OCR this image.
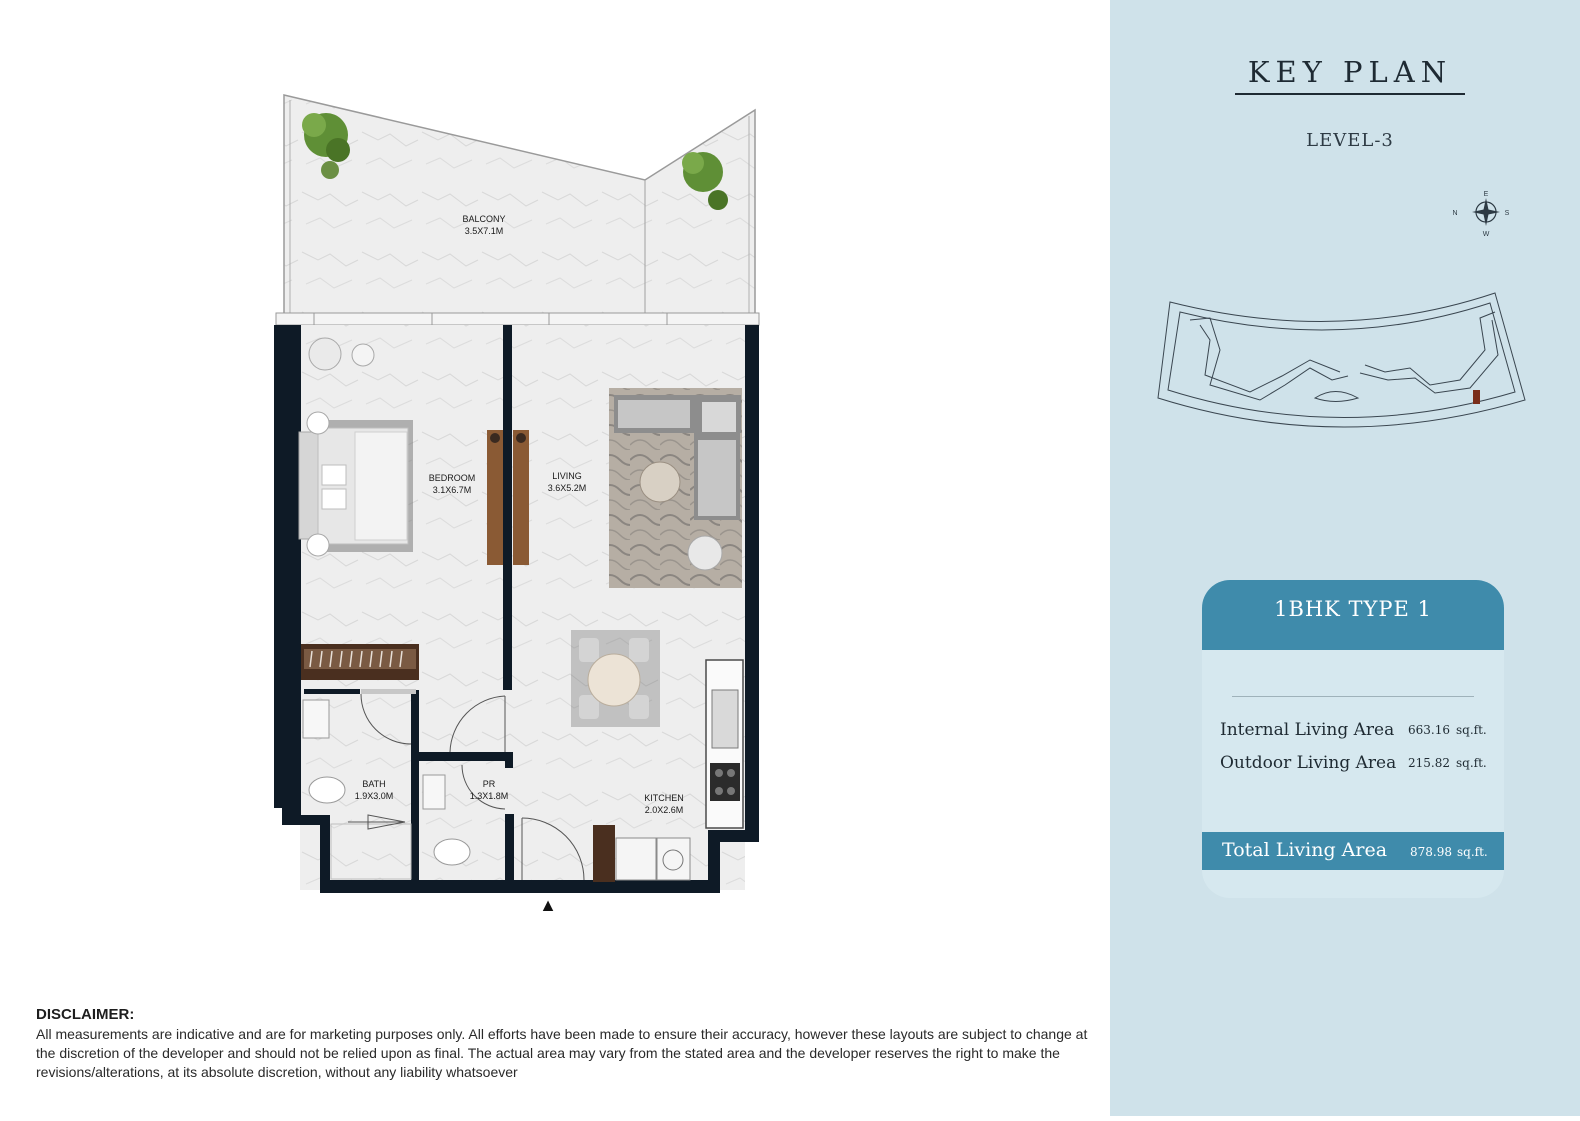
BALCONY
3.5X7.1M
BEDROOM
3.1X6.7M
LIVING
3.6X5.2M
BATH
1.9X3.0M
PR
1.3X1.8M	KITCHEN
2.0X2.6M
▲
DISCLAIMER:
All measurements are indicative and are for marketing purposes only. All efforts have been made to ensure their accuracy, however these layouts are subject to change at the discretion of the developer and should not be relied upon as final. The actual area may vary from the stated area and the developer reserves the right to make the revisions/alterations, at its absolute discretion, without any liability whatsoever
KEY PLAN
LEVEL-3
E
W
N	S
1BHK TYPE 1
Internal Living Area 663.16 sq.ft.
Outdoor Living Area 215.82 sq.ft.
Total Living Area 878.98 sq.ft.
